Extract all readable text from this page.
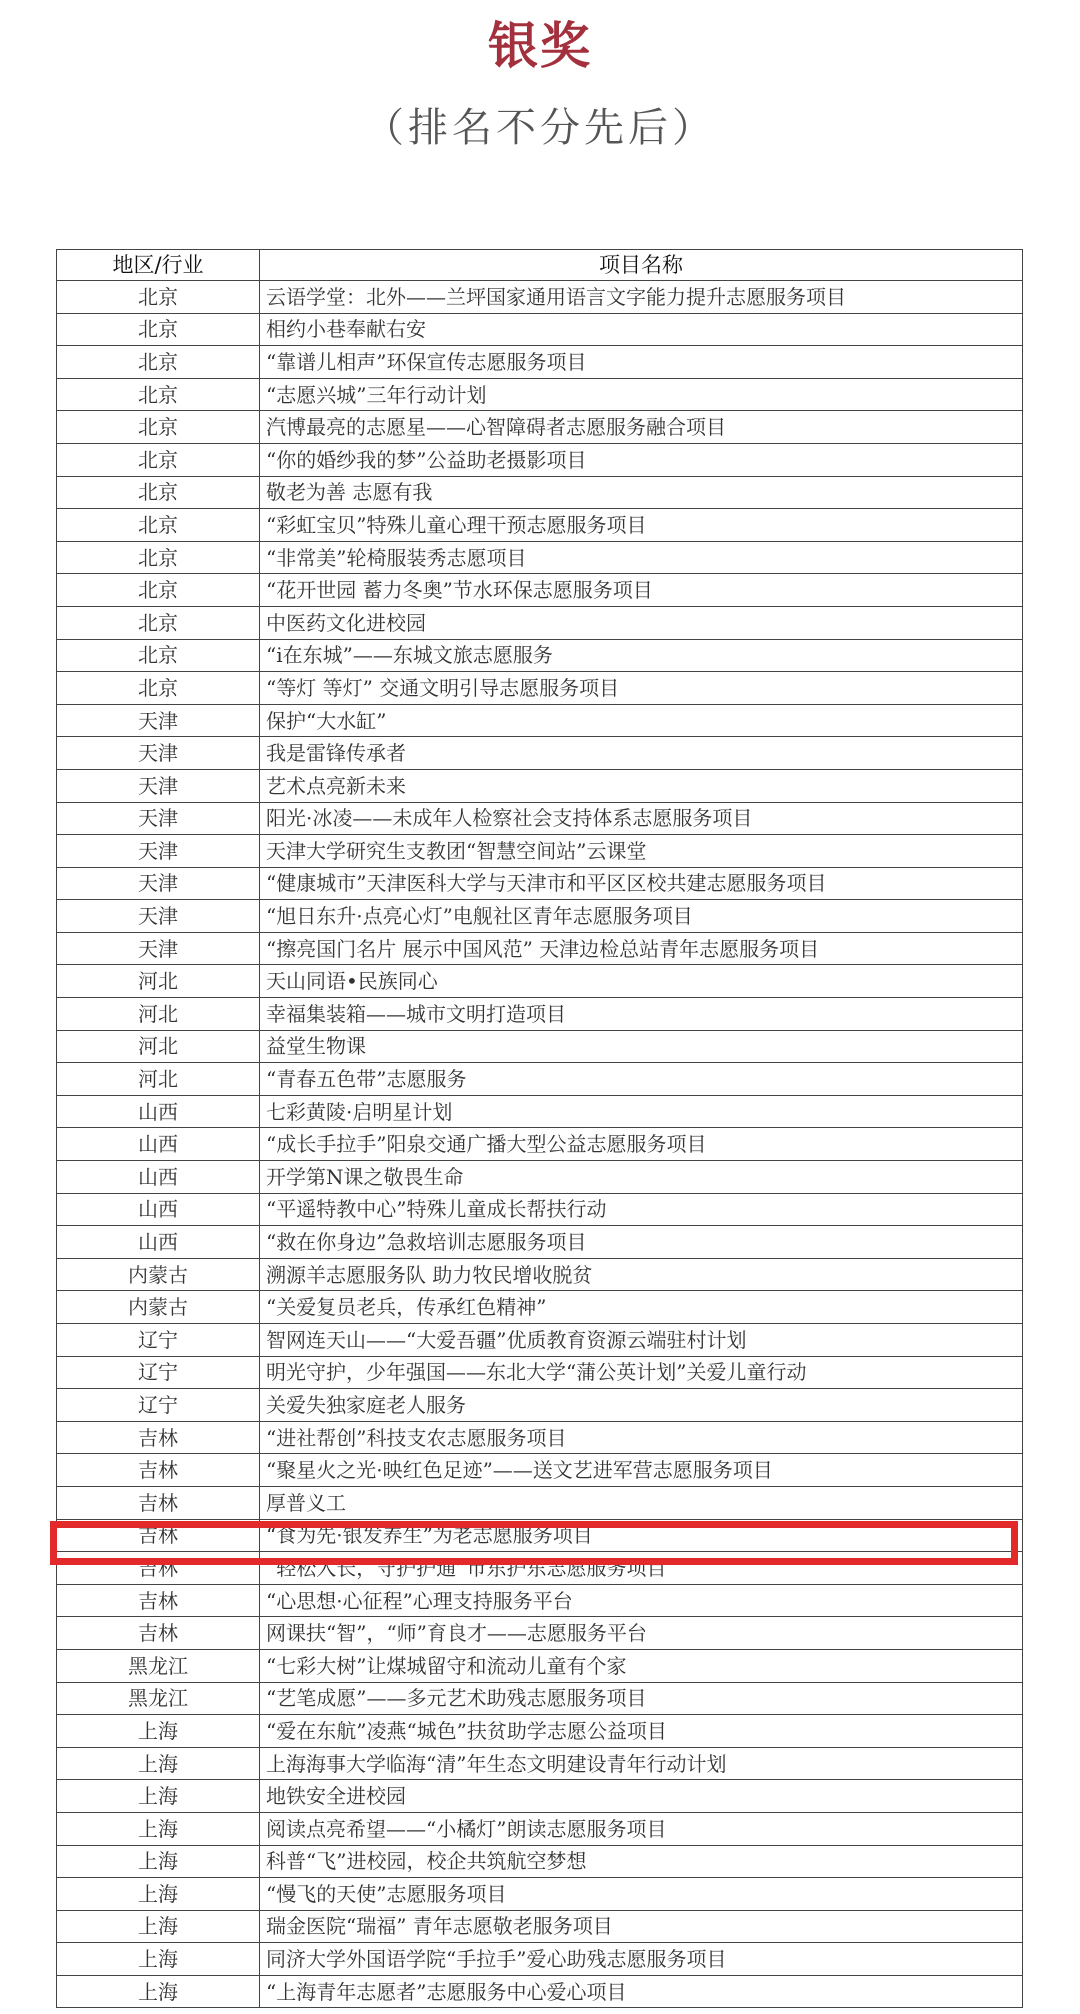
银奖
（排名不分先后）
地区/行业	项目名称
北京	云语学堂：北外——兰坪国家通用语言文字能力提升志愿服务项目
北京	相约小巷奉献右安
北京	“靠谱儿相声”环保宣传志愿服务项目
北京	“志愿兴城”三年行动计划
北京	汽博最亮的志愿星——心智障碍者志愿服务融合项目
北京	“你的婚纱我的梦”公益助老摄影项目
北京	敬老为善 志愿有我
北京	“彩虹宝贝”特殊儿童心理干预志愿服务项目
北京	“非常美”轮椅服装秀志愿项目
北京	“花开世园 蓄力冬奥”节水环保志愿服务项目
北京	中医药文化进校园
北京	“i在东城”——东城文旅志愿服务
北京	“等灯 等灯” 交通文明引导志愿服务项目
天津	保护“大水缸”
天津	我是雷锋传承者
天津	艺术点亮新未来
天津	阳光·冰凌——未成年人检察社会支持体系志愿服务项目
天津	天津大学研究生支教团“智慧空间站”云课堂
天津	“健康城市”天津医科大学与天津市和平区区校共建志愿服务项目
天津	“旭日东升·点亮心灯”电舰社区青年志愿服务项目
天津	“擦亮国门名片 展示中国风范” 天津边检总站青年志愿服务项目
河北	天山同语•民族同心
河北	幸福集装箱——城市文明打造项目
河北	益堂生物课
河北	“青春五色带”志愿服务
山西	七彩黄陵·启明星计划
山西	“成长手拉手”阳泉交通广播大型公益志愿服务项目
山西	开学第N课之敬畏生命
山西	“平遥特教中心”特殊儿童成长帮扶行动
山西	“救在你身边”急救培训志愿服务项目
内蒙古	溯源羊志愿服务队 助力牧民增收脱贫
内蒙古	“关爱复员老兵，传承红色精神”
辽宁	智网连天山——“大爱吾疆”优质教育资源云端驻村计划
辽宁	明光守护，少年强国——东北大学“蒲公英计划”关爱儿童行动
辽宁	关爱失独家庭老人服务
吉林	“进社帮创”科技支农志愿服务项目
吉林	“聚星火之光·映红色足迹”——送文艺进军营志愿服务项目
吉林	厚普义工
吉林	“食为先·银发养生”为老志愿服务项目
吉林	“轻松入长，守护护通”市东护东志愿服务项目
吉林	“心思想·心征程”心理支持服务平台
吉林	网课扶“智”，“师”育良才——志愿服务平台
黑龙江	“七彩大树”让煤城留守和流动儿童有个家
黑龙江	“艺笔成愿”——多元艺术助残志愿服务项目
上海	“爱在东航”凌燕“城色”扶贫助学志愿公益项目
上海	上海海事大学临海“清”年生态文明建设青年行动计划
上海	地铁安全进校园
上海	阅读点亮希望——“小橘灯”朗读志愿服务项目
上海	科普“飞”进校园，校企共筑航空梦想
上海	“慢飞的天使”志愿服务项目
上海	瑞金医院“瑞福” 青年志愿敬老服务项目
上海	同济大学外国语学院“手拉手”爱心助残志愿服务项目
上海	“上海青年志愿者”志愿服务中心爱心项目
